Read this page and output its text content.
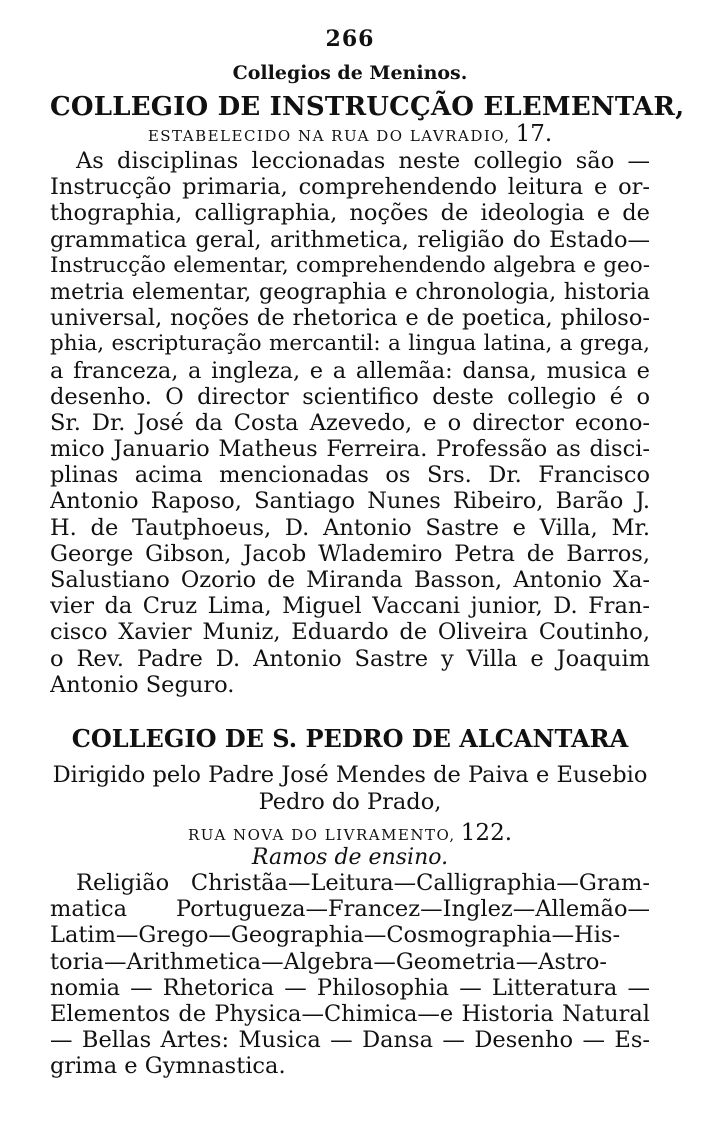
266
Collegios de Meninos.
COLLEGIO DE INSTRUCÇÃO ELEMENTAR,
ESTABELECIDO NA RUA DO LAVRADIO, 17.
As disciplinas leccionadas neste collegio são —
Instrucção primaria, comprehendendo leitura e or-
thographia, calligraphia, noções de ideologia e de
grammatica geral, arithmetica, religião do Estado—
Instrucção elementar, comprehendendo algebra e geo-
metria elementar, geographia e chronologia, historia
universal, noções de rhetorica e de poetica, philoso-
phia, escripturação mercantil: a lingua latina, a grega,
a franceza, a ingleza, e a allemãa: dansa, musica e
desenho. O director scientifico deste collegio é o
Sr. Dr. José da Costa Azevedo, e o director econo-
mico Januario Matheus Ferreira. Professão as disci-
plinas acima mencionadas os Srs. Dr. Francisco
Antonio Raposo, Santiago Nunes Ribeiro, Barão J.
H. de Tautphoeus, D. Antonio Sastre e Villa, Mr.
George Gibson, Jacob Wlademiro Petra de Barros,
Salustiano Ozorio de Miranda Basson, Antonio Xa-
vier da Cruz Lima, Miguel Vaccani junior, D. Fran-
cisco Xavier Muniz, Eduardo de Oliveira Coutinho,
o Rev. Padre D. Antonio Sastre y Villa e Joaquim
Antonio Seguro.
COLLEGIO DE S. PEDRO DE ALCANTARA
Dirigido pelo Padre José Mendes de Paiva e Eusebio
Pedro do Prado,
RUA NOVA DO LIVRAMENTO, 122.
Ramos de ensino.
Religião Christãa—Leitura—Calligraphia—Gram-
matica Portugueza—Francez—Inglez—Allemão—
Latim—Grego—Geographia—Cosmographia—His-
toria—Arithmetica—Algebra—Geometria—Astro-
nomia — Rhetorica — Philosophia — Litteratura —
Elementos de Physica—Chimica—e Historia Natural
— Bellas Artes: Musica — Dansa — Desenho — Es-
grima e Gymnastica.
